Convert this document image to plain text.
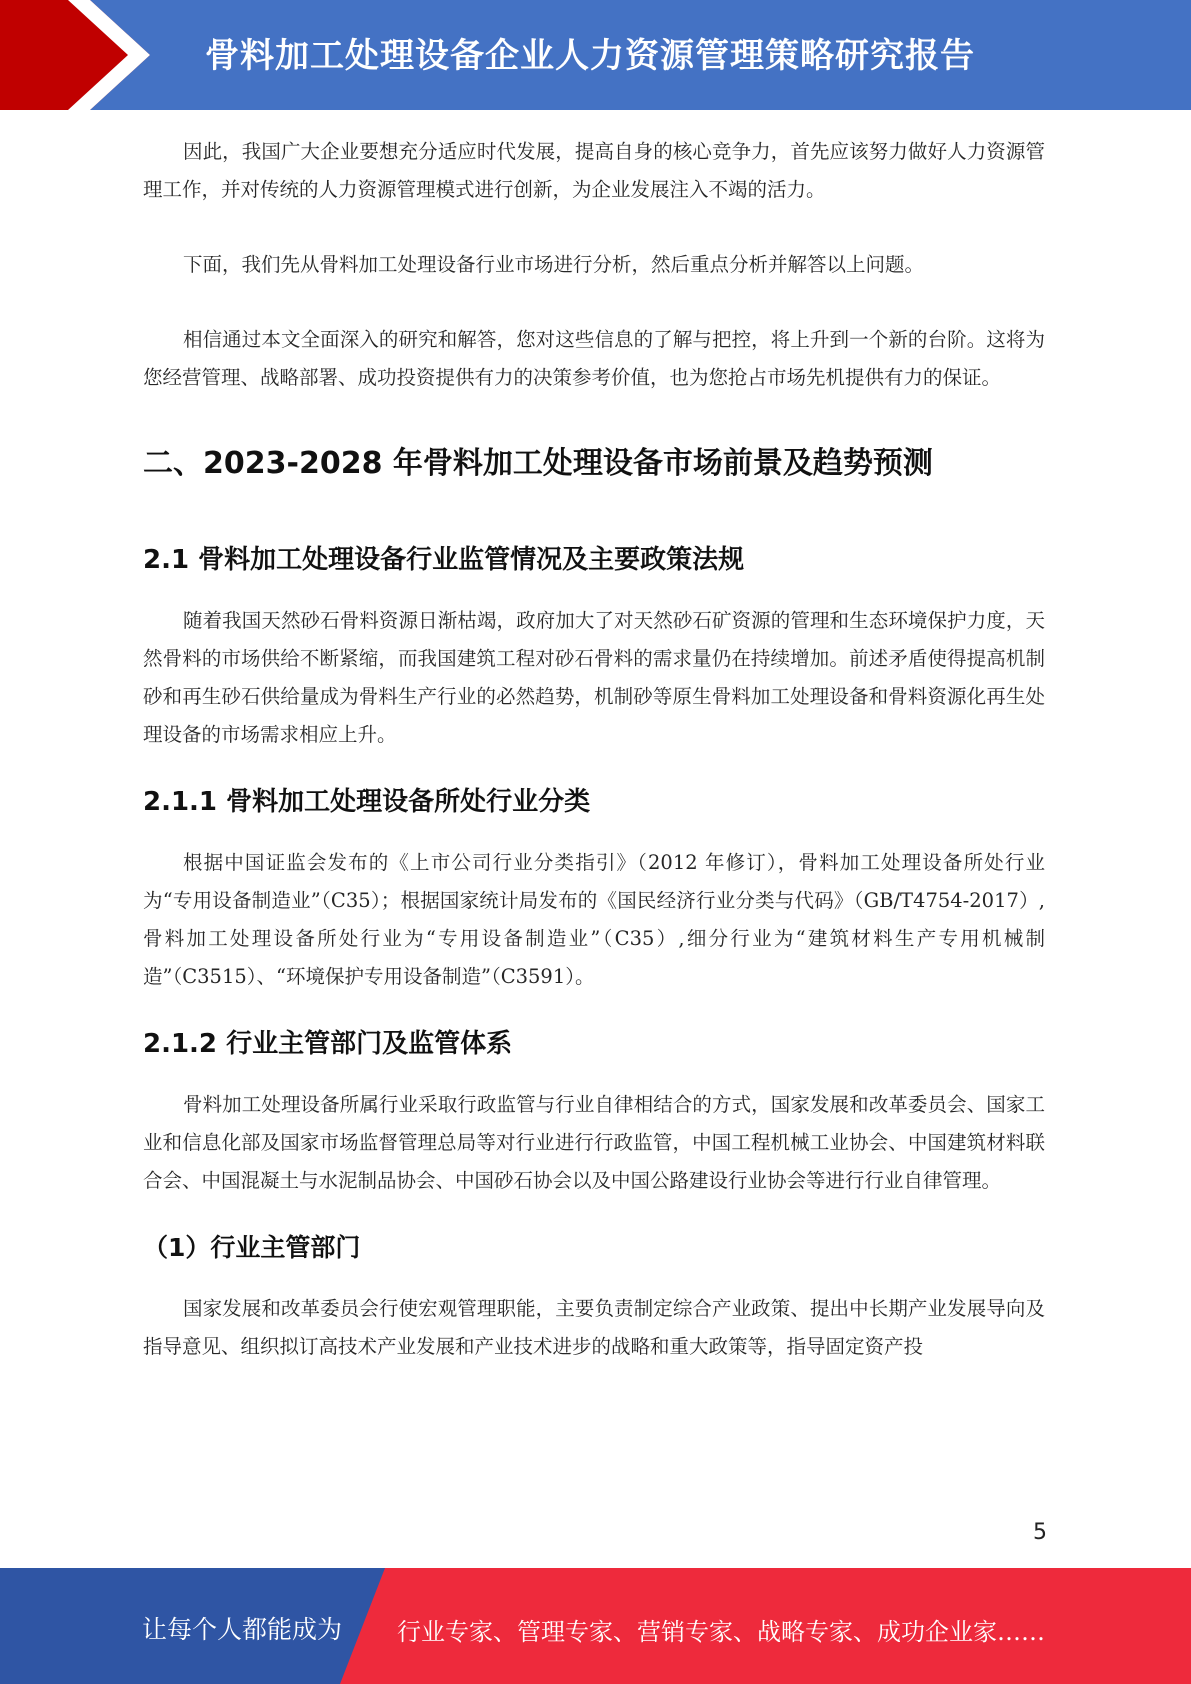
骨料加工处理设备企业人力资源管理策略研究报告

因此，我国广大企业要想充分适应时代发展，提高自身的核心竞争力，首先应该努力做好人力资源管理工作，并对传统的人力资源管理模式进行创新，为企业发展注入不竭的活力。

下面，我们先从骨料加工处理设备行业市场进行分析，然后重点分析并解答以上问题。

相信通过本文全面深入的研究和解答，您对这些信息的了解与把控，将上升到一个新的台阶。这将为您经营管理、战略部署、成功投资提供有力的决策参考价值，也为您抢占市场先机提供有力的保证。

二、2023-2028 年骨料加工处理设备市场前景及趋势预测
2.1 骨料加工处理设备行业监管情况及主要政策法规

随着我国天然砂石骨料资源日渐枯竭，政府加大了对天然砂石矿资源的管理和生态环境保护力度，天然骨料的市场供给不断紧缩，而我国建筑工程对砂石骨料的需求量仍在持续增加。前述矛盾使得提高机制砂和再生砂石供给量成为骨料生产行业的必然趋势，机制砂等原生骨料加工处理设备和骨料资源化再生处理设备的市场需求相应上升。

2.1.1 骨料加工处理设备所处行业分类

根据中国证监会发布的《上市公司行业分类指引》（2012 年修订），骨料加工处理设备所处行业为“专用设备制造业”（C35）；根据国家统计局发布的《国民经济行业分类与代码》（GB/T4754-2017）,骨料加工处理设备所处行业为“专用设备制造业”（C35）,细分行业为“建筑材料生产专用机械制造”（C3515）、“环境保护专用设备制造”（C3591）。

2.1.2 行业主管部门及监管体系

骨料加工处理设备所属行业采取行政监管与行业自律相结合的方式，国家发展和改革委员会、国家工业和信息化部及国家市场监督管理总局等对行业进行行政监管，中国工程机械工业协会、中国建筑材料联合会、中国混凝土与水泥制品协会、中国砂石协会以及中国公路建设行业协会等进行行业自律管理。

（1）行业主管部门

国家发展和改革委员会行使宏观管理职能，主要负责制定综合产业政策、提出中长期产业发展导向及指导意见、组织拟订高技术产业发展和产业技术进步的战略和重大政策等，指导固定资产投

5
让每个人都能成为 行业专家、管理专家、营销专家、战略专家、成功企业家……
